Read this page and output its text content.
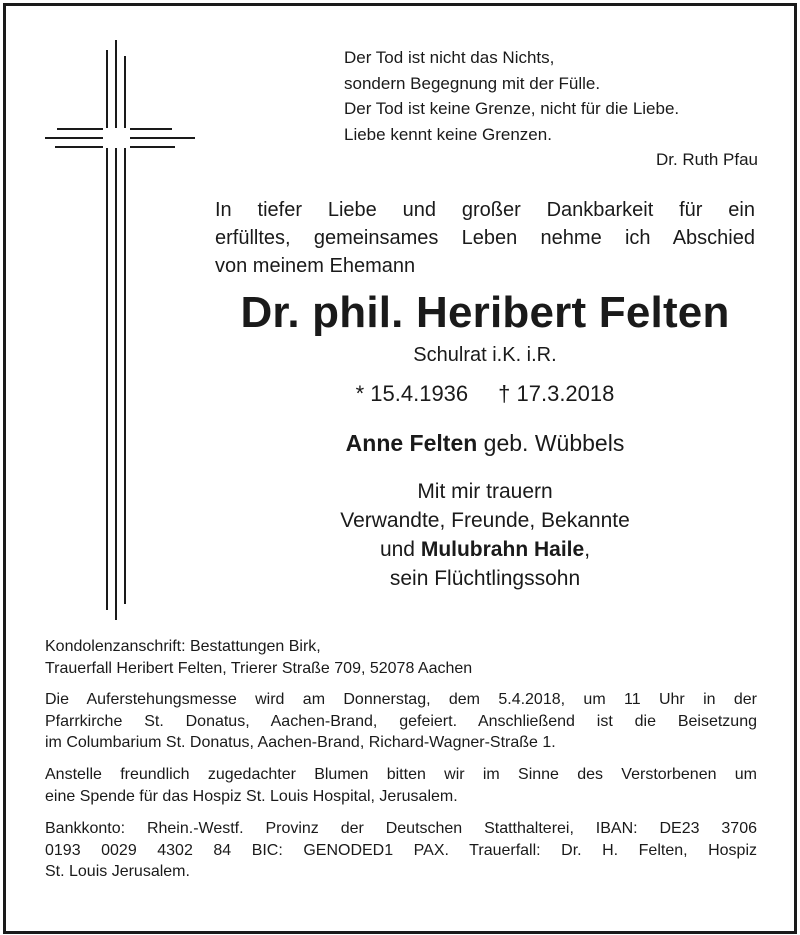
Der Tod ist nicht das Nichts,
sondern Begegnung mit der Fülle.
Der Tod ist keine Grenze, nicht für die Liebe.
Liebe kennt keine Grenzen.
Dr. Ruth Pfau
In tiefer Liebe und großer Dankbarkeit für ein
erfülltes, gemeinsames Leben nehme ich Abschied
von meinem Ehemann
Dr. phil. Heribert Felten
Schulrat i.K. i.R.
* 15.4.1936 † 17.3.2018
Anne Felten geb. Wübbels
Mit mir trauern
Verwandte, Freunde, Bekannte
und Mulubrahn Haile,
sein Flüchtlingssohn
Kondolenzanschrift: Bestattungen Birk,
Trauerfall Heribert Felten, Trierer Straße 709, 52078 Aachen
Die Auferstehungsmesse wird am Donnerstag, dem 5.4.2018, um 11 Uhr in der
Pfarrkirche St. Donatus, Aachen-Brand, gefeiert. Anschließend ist die Beisetzung
im Columbarium St. Donatus, Aachen-Brand, Richard-Wagner-Straße 1.
Anstelle freundlich zugedachter Blumen bitten wir im Sinne des Verstorbenen um
eine Spende für das Hospiz St. Louis Hospital, Jerusalem.
Bankkonto: Rhein.-Westf. Provinz der Deutschen Statthalterei, IBAN: DE23 3706
0193 0029 4302 84 BIC: GENODED1 PAX. Trauerfall: Dr. H. Felten, Hospiz
St. Louis Jerusalem.
